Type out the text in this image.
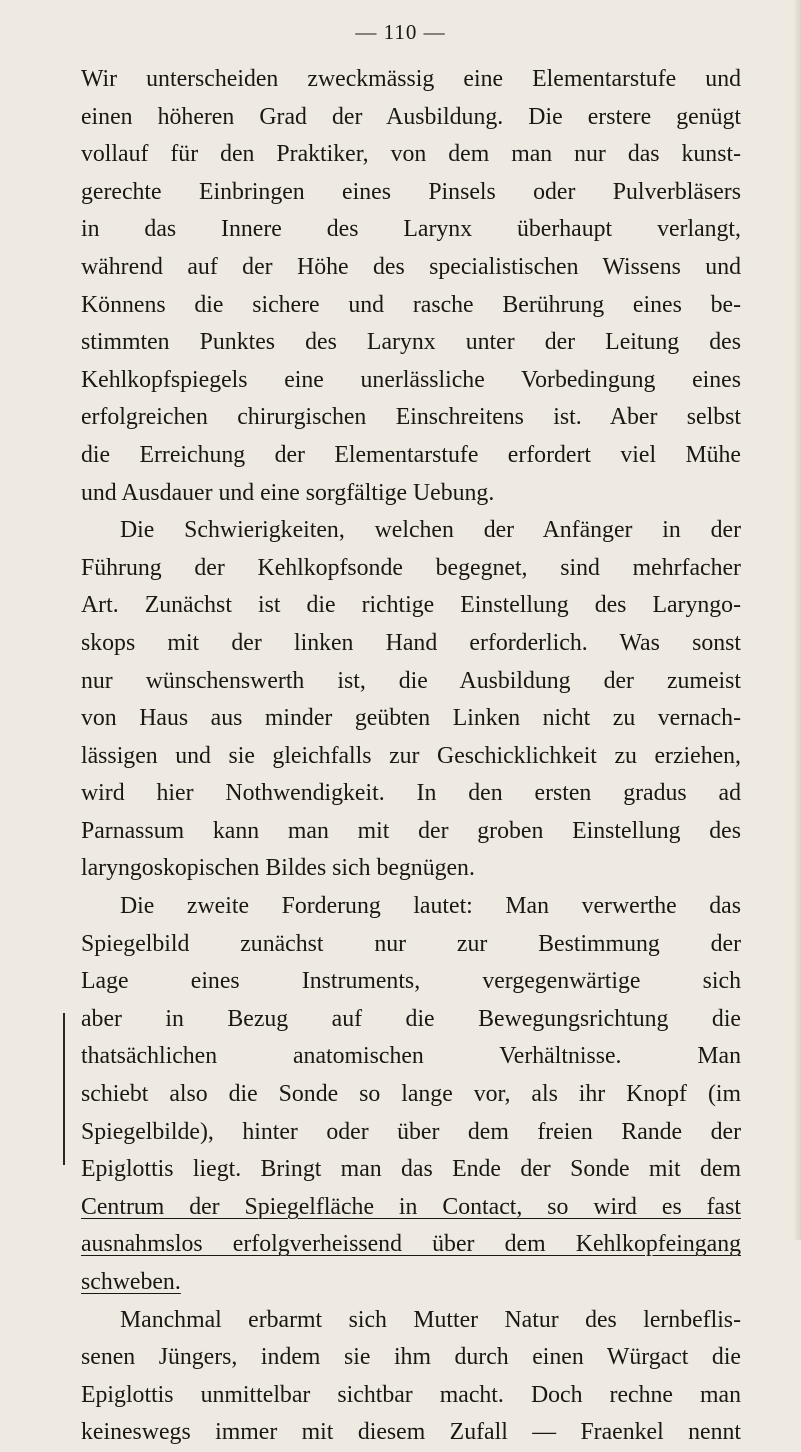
— 110 —
Wir unterscheiden zweckmässig eine Elementarstufe und
einen höheren Grad der Ausbildung. Die erstere genügt
vollauf für den Praktiker, von dem man nur das kunst-
gerechte Einbringen eines Pinsels oder Pulverbläsers
in das Innere des Larynx überhaupt verlangt,
während auf der Höhe des specialistischen Wissens und
Könnens die sichere und rasche Berührung eines be-
stimmten Punktes des Larynx unter der Leitung des
Kehlkopfspiegels eine unerlässliche Vorbedingung eines
erfolgreichen chirurgischen Einschreitens ist. Aber selbst
die Erreichung der Elementarstufe erfordert viel Mühe
und Ausdauer und eine sorgfältige Uebung.
Die Schwierigkeiten, welchen der Anfänger in der
Führung der Kehlkopfsonde begegnet, sind mehrfacher
Art. Zunächst ist die richtige Einstellung des Laryngo-
skops mit der linken Hand erforderlich. Was sonst
nur wünschenswerth ist, die Ausbildung der zumeist
von Haus aus minder geübten Linken nicht zu vernach-
lässigen und sie gleichfalls zur Geschicklichkeit zu erziehen,
wird hier Nothwendigkeit. In den ersten gradus ad
Parnassum kann man mit der groben Einstellung des
laryngoskopischen Bildes sich begnügen.
Die zweite Forderung lautet: Man verwerthe das
Spiegelbild zunächst nur zur Bestimmung der
Lage eines Instruments, vergegenwärtige sich
aber in Bezug auf die Bewegungsrichtung die
thatsächlichen anatomischen Verhältnisse. Man
schiebt also die Sonde so lange vor, als ihr Knopf (im
Spiegelbilde), hinter oder über dem freien Rande der
Epiglottis liegt. Bringt man das Ende der Sonde mit dem
Centrum der Spiegelfläche in Contact, so wird es fast
ausnahmslos erfolgverheissend über dem Kehlkopfeingang
schweben.
Manchmal erbarmt sich Mutter Natur des lernbeflis-
senen Jüngers, indem sie ihm durch einen Würgact die
Epiglottis unmittelbar sichtbar macht. Doch rechne man
keineswegs immer mit diesem Zufall — Fraenkel nennt
